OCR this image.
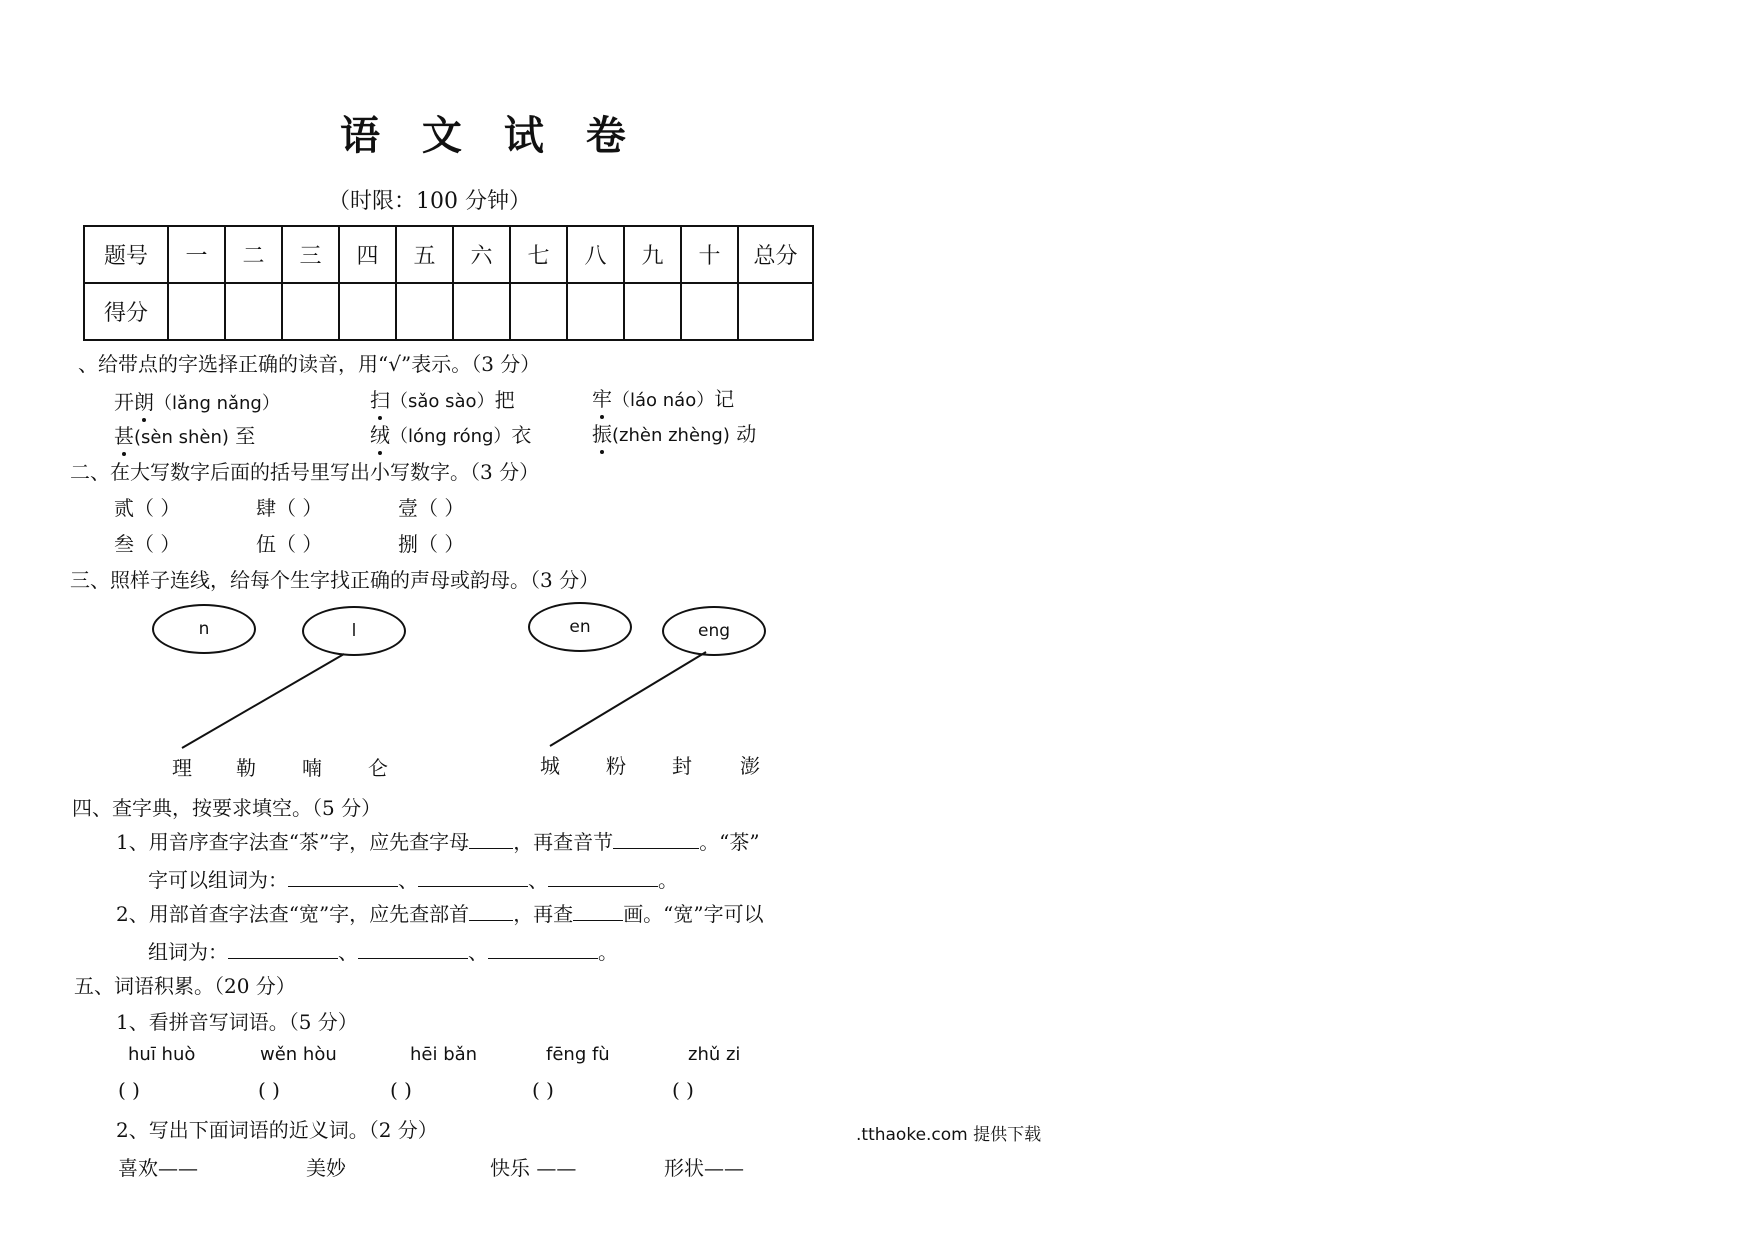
语 文 试 卷
（时限：100 分钟）
题号	一	二	三	四	五	六	七	八	九	十	总分
得分											
、给带点的字选择正确的读音，用“√”表示。（3 分）
开朗（lǎng nǎng）	扫（sǎo sào）把	牢（láo náo）记
甚(sèn shèn) 至	绒（lóng róng）衣	振(zhèn zhèng) 动
二、在大写数字后面的括号里写出小写数字。（3 分）
贰（ ）	肆（ ）	壹（ ）
叁（ ）	伍（ ）	捌（ ）
三、照样子连线，给每个生字找正确的声母或韵母。（3 分）
n	l	en	eng
理 勒 喃 仑	城 粉 封 澎
四、查字典，按要求填空。（5 分）
1、用音序查字法查“茶”字，应先查字母 ，再查音节	。“茶”
字可以组词为：	、	、	。
2、用部首查字法查“宽”字，应先查部首 ，再查	画。“宽”字可以
组词为：	、	、	。
五、词语积累。（20 分）
1、看拼音写词语。（5 分）
huī huò	wěn hòu	hēi bǎn	fēng fù	zhǔ zi
( )	( )	( )	( )	( )
2、写出下面词语的近义词。（2 分）
喜欢——	美妙	快乐 ——	形状——
.tthaoke.com 提供下载
